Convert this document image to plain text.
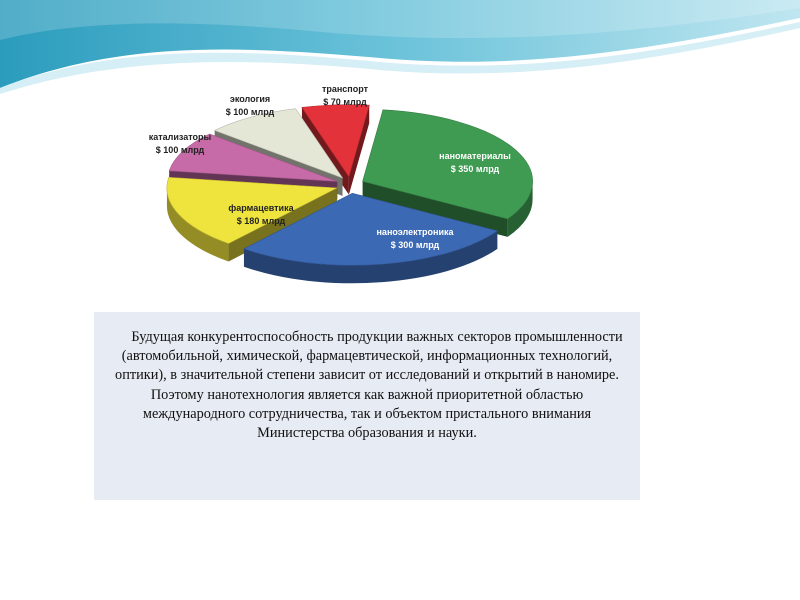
экология
$ 100 млрд
транспорт
$ 70 млрд
катализаторы
$ 100 млрд
наноматериалы
$ 350 млрд
фармацевтика
$ 180 млрд
наноэлектроника
$ 300 млрд

Будущая конкурентоспособность продукции важных секторов промышленности (автомобильной, химической, фармацевтической, информационных технологий, оптики), в значительной степени зависит от исследований и открытий в наномире. Поэтому нанотехнология является как важной приоритетной областью международного сотрудничества, так и объектом пристального внимания Министерства образования и науки.
